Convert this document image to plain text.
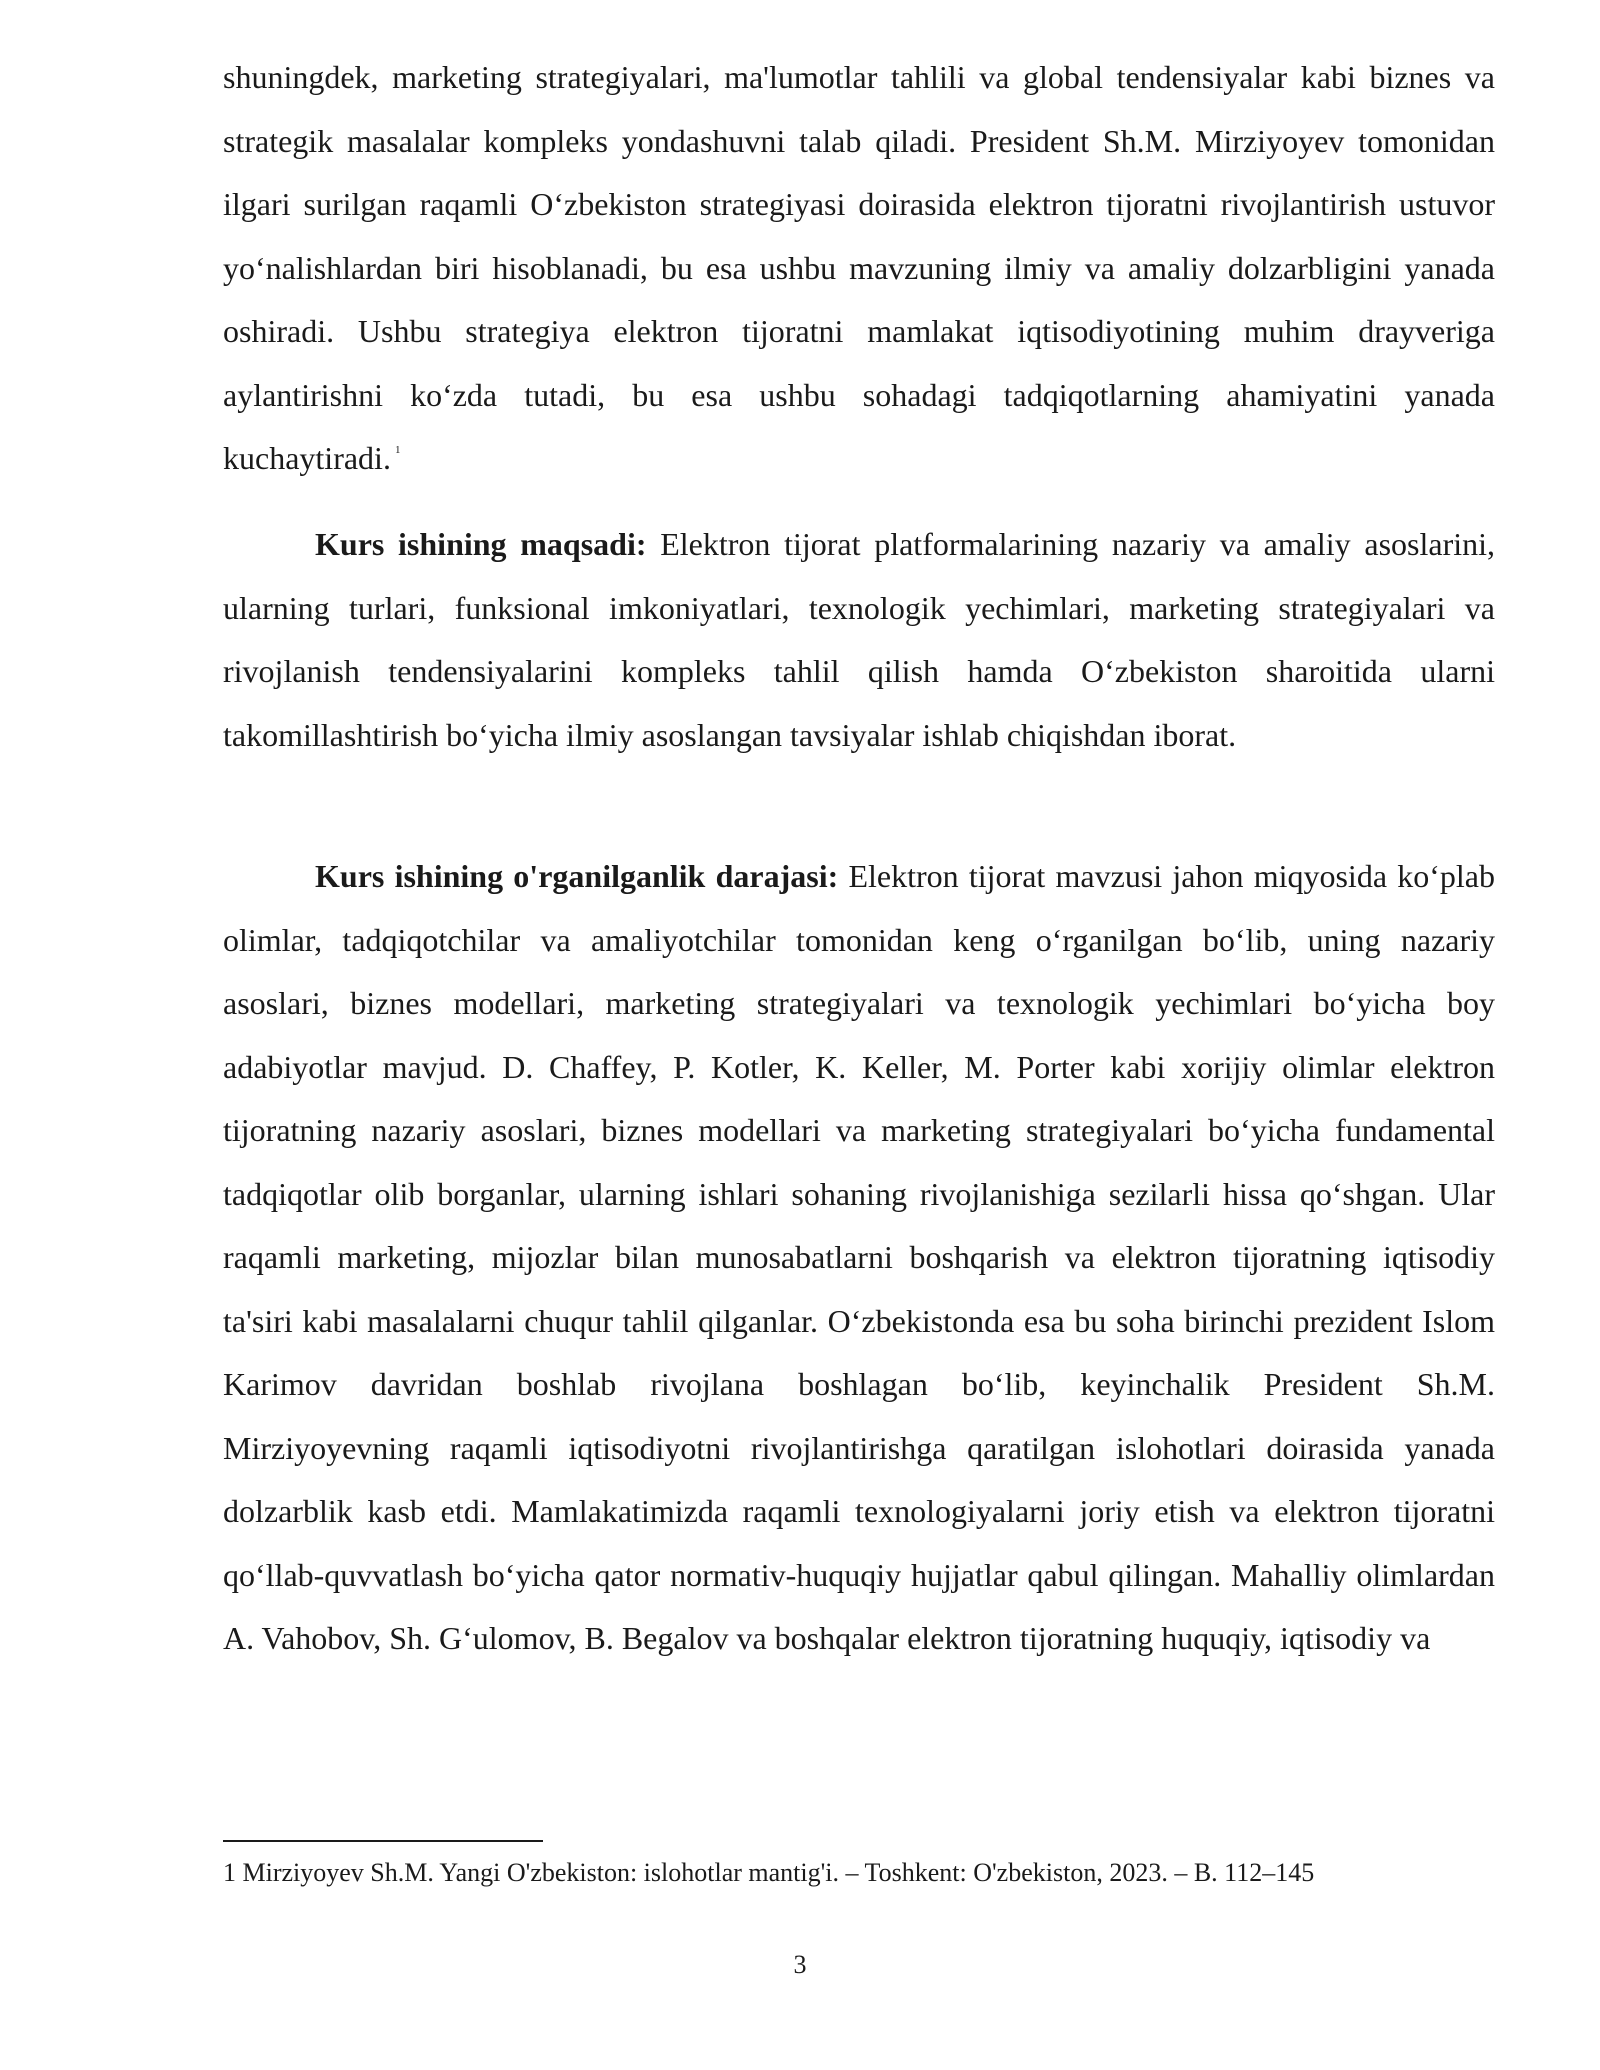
shuningdek, marketing strategiyalari, ma'lumotlar tahlili va global tendensiyalar kabi biznes va strategik masalalar kompleks yondashuvni talab qiladi. President Sh.M. Mirziyoyev tomonidan ilgari surilgan raqamli O‘zbekiston strategiyasi doirasida elektron tijoratni rivojlantirish ustuvor yo‘nalishlardan biri hisoblanadi, bu esa ushbu mavzuning ilmiy va amaliy dolzarbligini yanada oshiradi. Ushbu strategiya elektron tijoratni mamlakat iqtisodiyotining muhim drayveriga aylantirishni ko‘zda tutadi, bu esa ushbu sohadagi tadqiqotlarning ahamiyatini yanada kuchaytiradi. $^1$

Kurs ishining maqsadi: Elektron tijorat platformalarining nazariy va amaliy asoslarini, ularning turlari, funksional imkoniyatlari, texnologik yechimlari, marketing strategiyalari va rivojlanish tendensiyalarini kompleks tahlil qilish hamda O‘zbekiston sharoitida ularni takomillashtirish bo‘yicha ilmiy asoslangan tavsiyalar ishlab chiqishdan iborat.

Kurs ishining o'rganilganlik darajasi: Elektron tijorat mavzusi jahon miqyosida ko‘plab olimlar, tadqiqotchilar va amaliyotchilar tomonidan keng o‘rganilgan bo‘lib, uning nazariy asoslari, biznes modellari, marketing strategiyalari va texnologik yechimlari bo‘yicha boy adabiyotlar mavjud. D. Chaffey, P. Kotler, K. Keller, M. Porter kabi xorijiy olimlar elektron tijoratning nazariy asoslari, biznes modellari va marketing strategiyalari bo‘yicha fundamental tadqiqotlar olib borganlar, ularning ishlari sohaning rivojlanishiga sezilarli hissa qo‘shgan. Ular raqamli marketing, mijozlar bilan munosabatlarni boshqarish va elektron tijoratning iqtisodiy ta'siri kabi masalalarni chuqur tahlil qilganlar. O‘zbekistonda esa bu soha birinchi prezident Islom Karimov davridan boshlab rivojlana boshlagan bo‘lib, keyinchalik President Sh.M. Mirziyoyevning raqamli iqtisodiyotni rivojlantirishga qaratilgan islohotlari doirasida yanada dolzarblik kasb etdi. Mamlakatimizda raqamli texnologiyalarni joriy etish va elektron tijoratni qo‘llab-quvvatlash bo‘yicha qator normativ-huquqiy hujjatlar qabul qilingan. Mahalliy olimlardan A. Vahobov, Sh. G‘ulomov, B. Begalov va boshqalar elektron tijoratning huquqiy, iqtisodiy va

1 Mirziyoyev Sh.M. Yangi O'zbekiston: islohotlar mantig'i. – Toshkent: O'zbekiston, 2023. – B. 112–145

3
